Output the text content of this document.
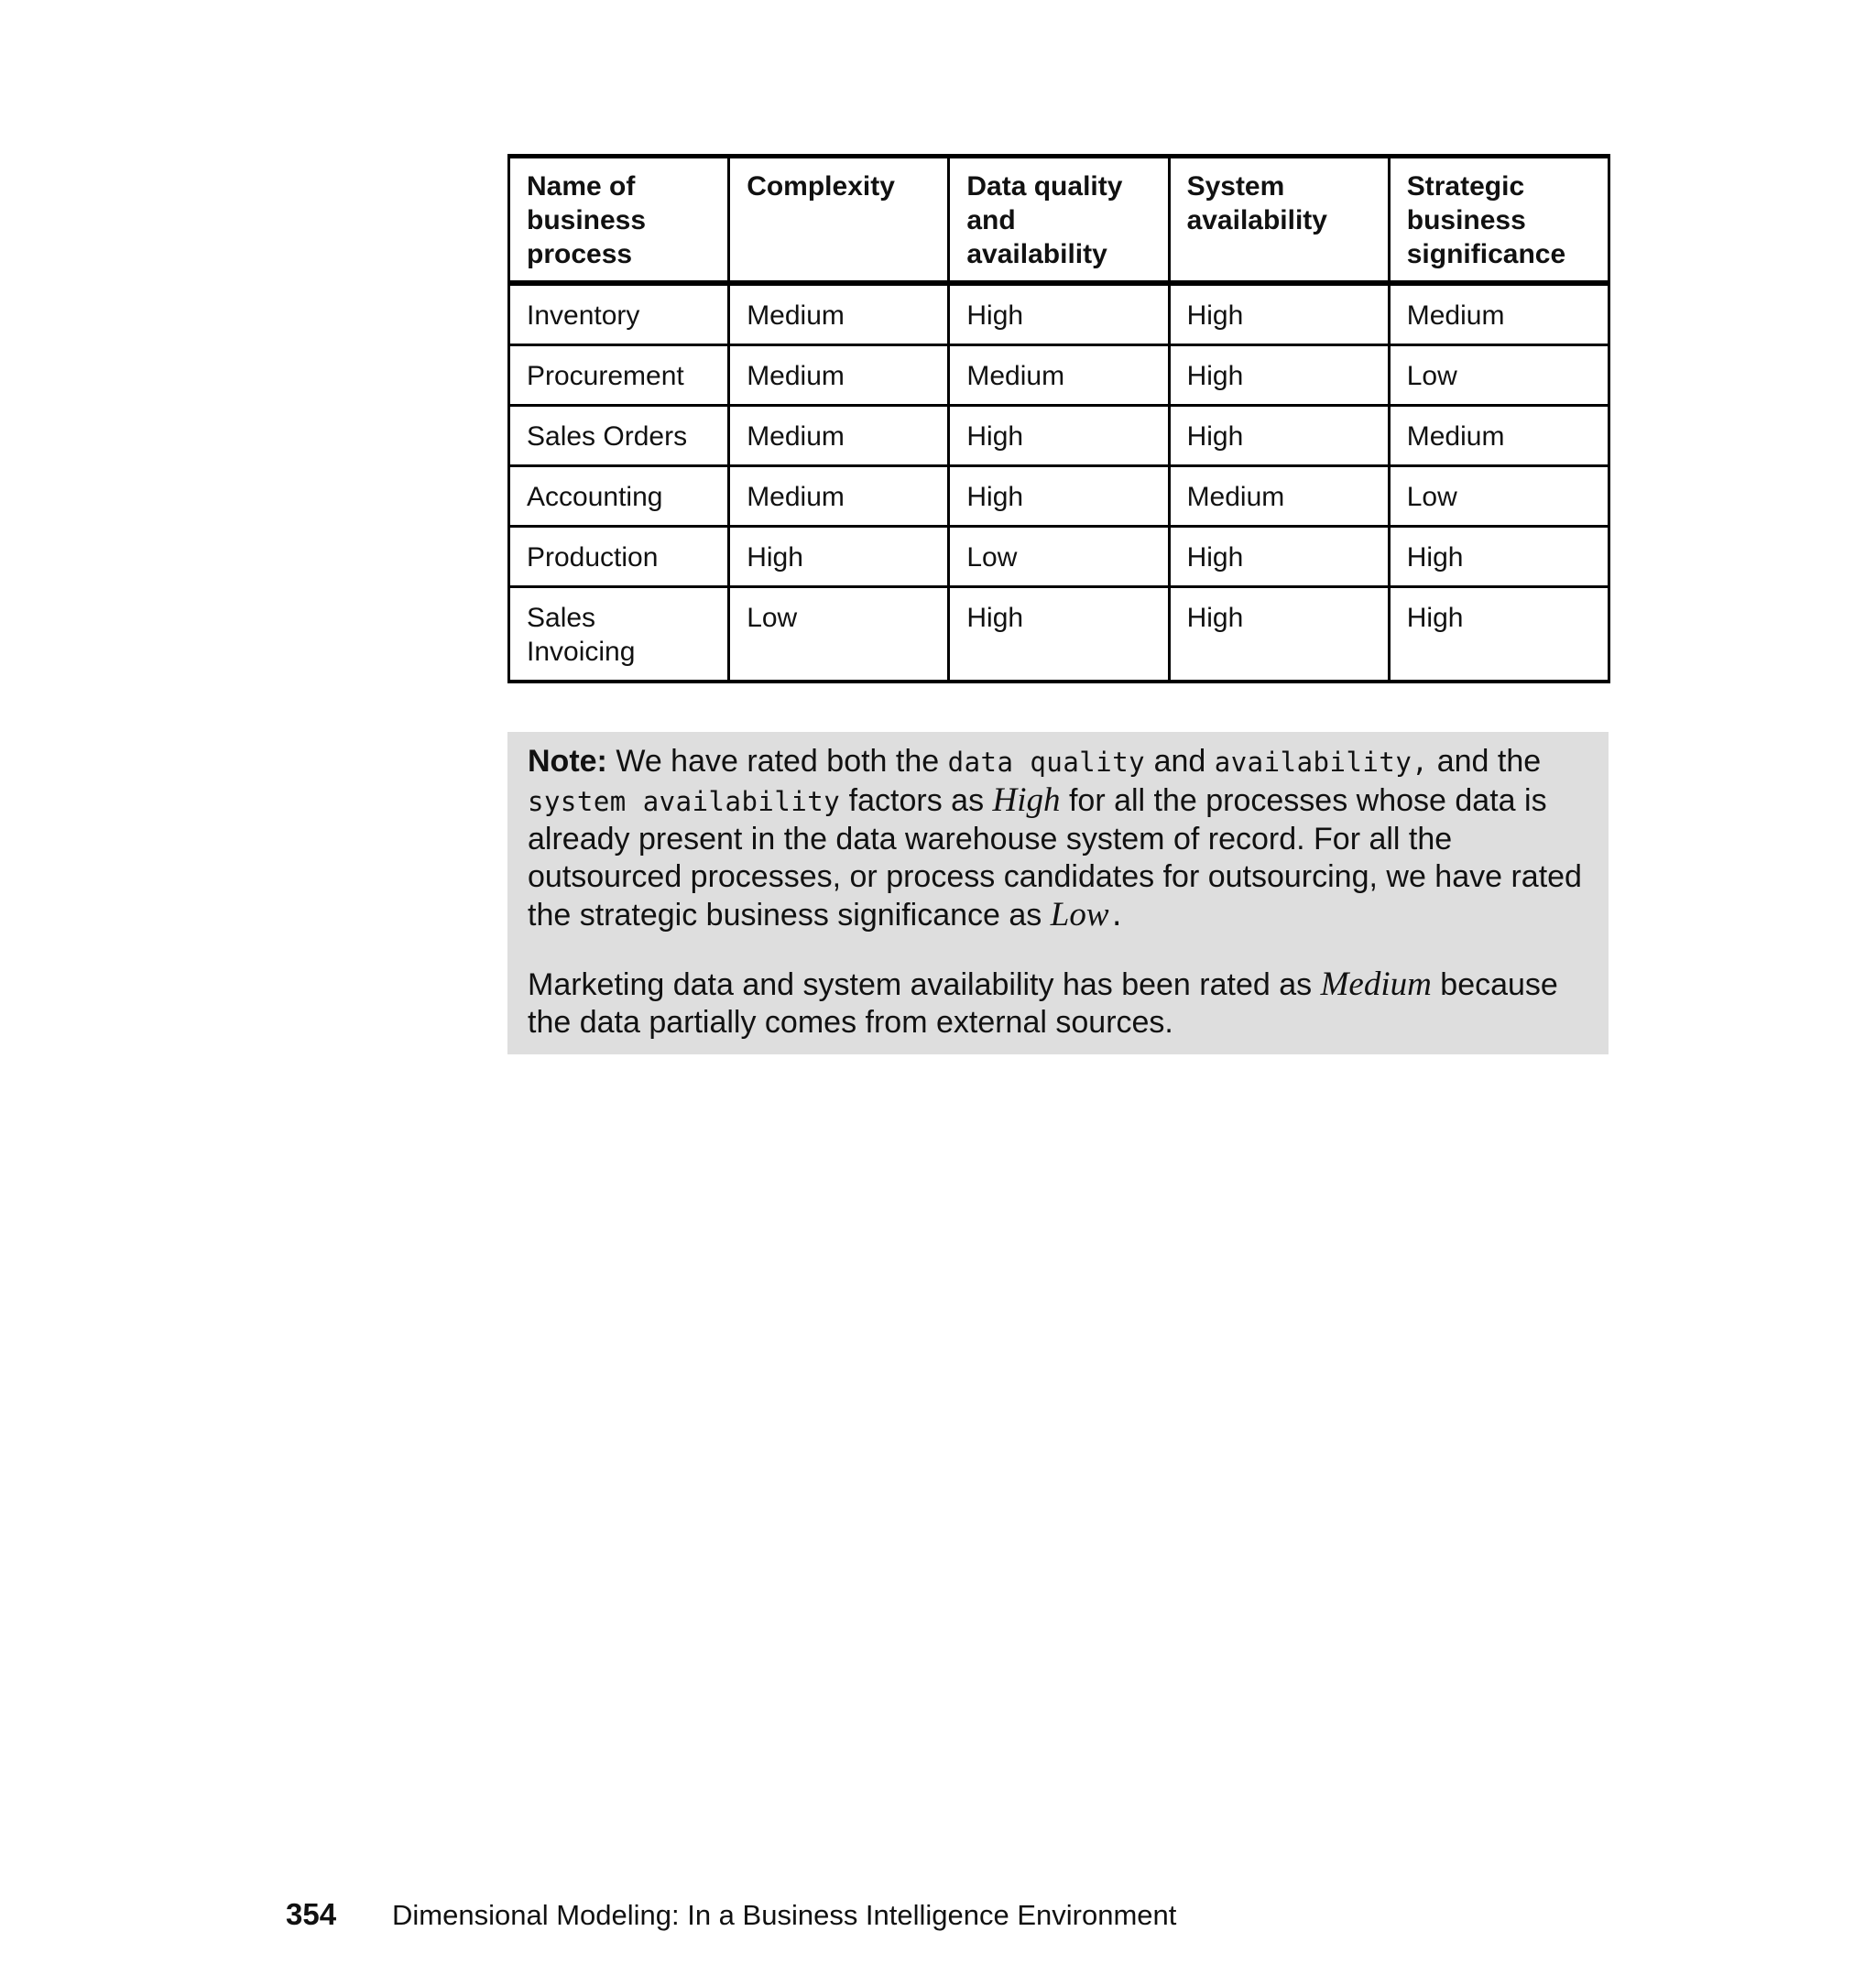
Name of business process	Complexity	Data quality and availability	System availability	Strategic business significance
Inventory	Medium	High	High	Medium
Procurement	Medium	Medium	High	Low
Sales Orders	Medium	High	High	Medium
Accounting	Medium	High	Medium	Low
Production	High	Low	High	High
Sales Invoicing	Low	High	High	High

Note: We have rated both the data quality and availability, and the system availability factors as High for all the processes whose data is already present in the data warehouse system of record. For all the outsourced processes, or process candidates for outsourcing, we have rated the strategic business significance as Low.

Marketing data and system availability has been rated as Medium because the data partially comes from external sources.

354 Dimensional Modeling: In a Business Intelligence Environment
